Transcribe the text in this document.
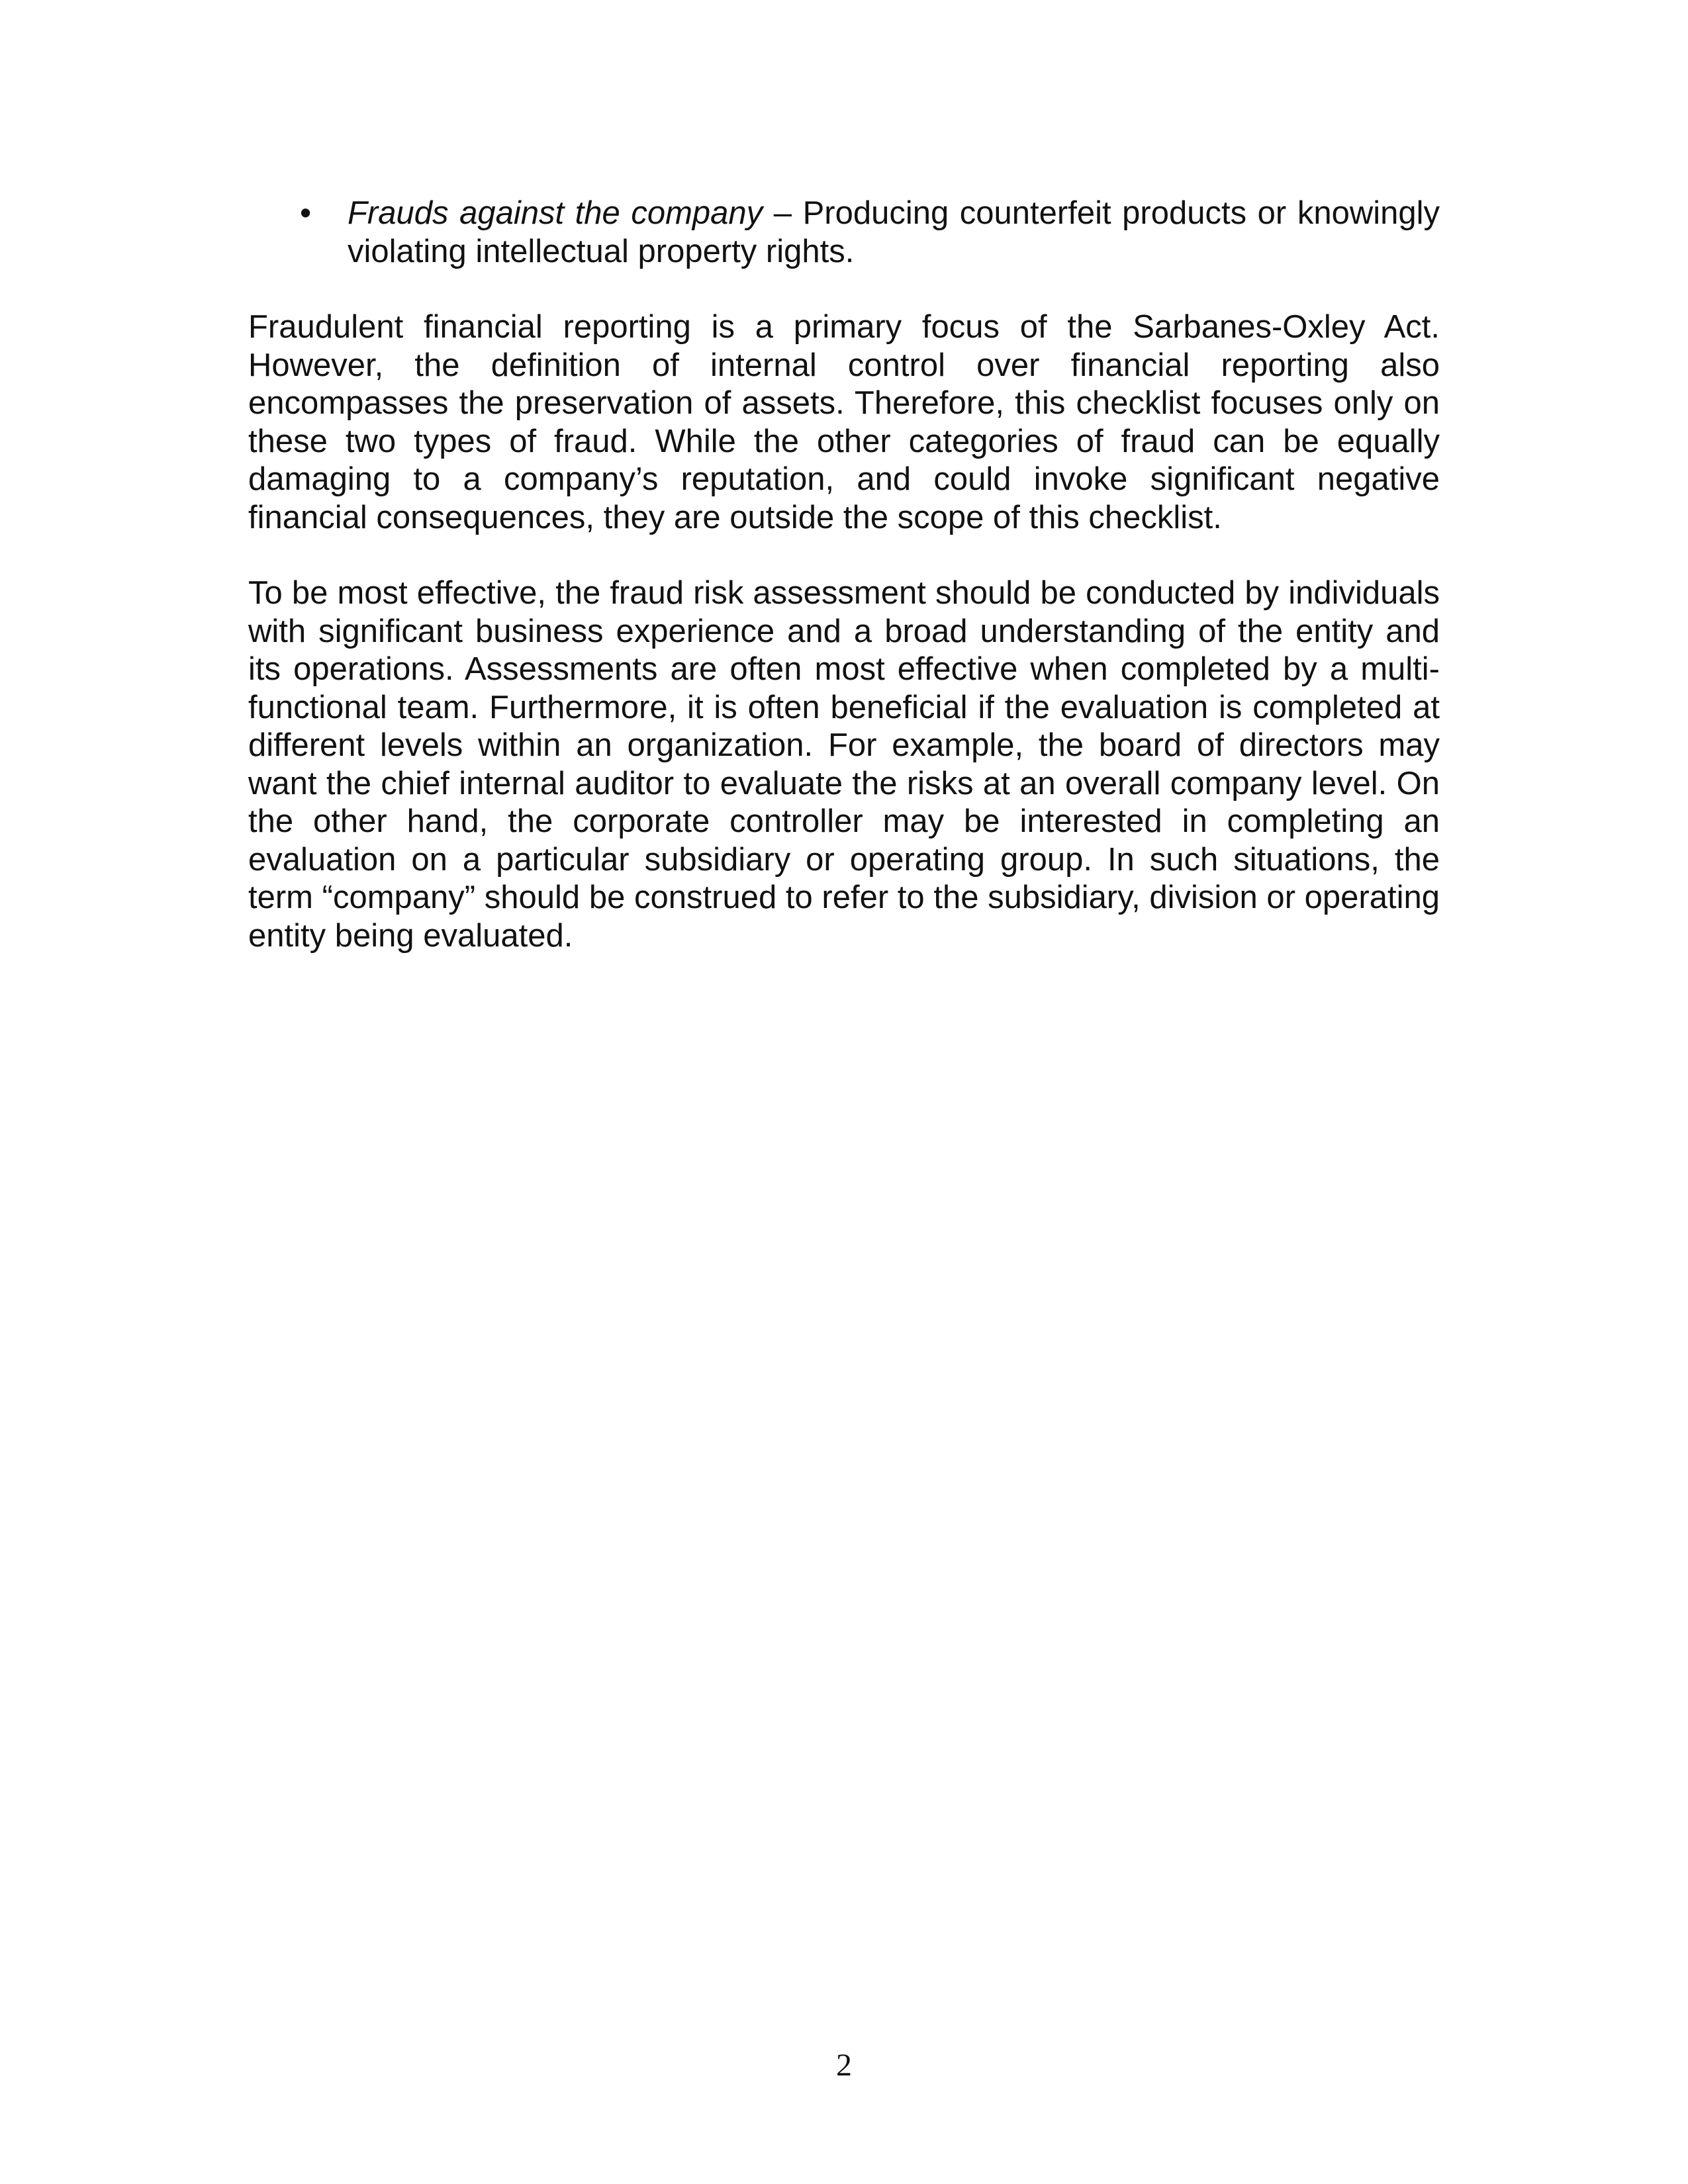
• Frauds against the company – Producing counterfeit products or knowingly violating intellectual property rights.

Fraudulent financial reporting is a primary focus of the Sarbanes-Oxley Act. However, the definition of internal control over financial reporting also encompasses the preservation of assets. Therefore, this checklist focuses only on these two types of fraud. While the other categories of fraud can be equally damaging to a company’s reputation, and could invoke significant negative financial consequences, they are outside the scope of this checklist.

To be most effective, the fraud risk assessment should be conducted by individuals with significant business experience and a broad understanding of the entity and its operations. Assessments are often most effective when completed by a multi-functional team. Furthermore, it is often beneficial if the evaluation is completed at different levels within an organization. For example, the board of directors may want the chief internal auditor to evaluate the risks at an overall company level. On the other hand, the corporate controller may be interested in completing an evaluation on a particular subsidiary or operating group. In such situations, the term “company” should be construed to refer to the subsidiary, division or operating entity being evaluated.

2
